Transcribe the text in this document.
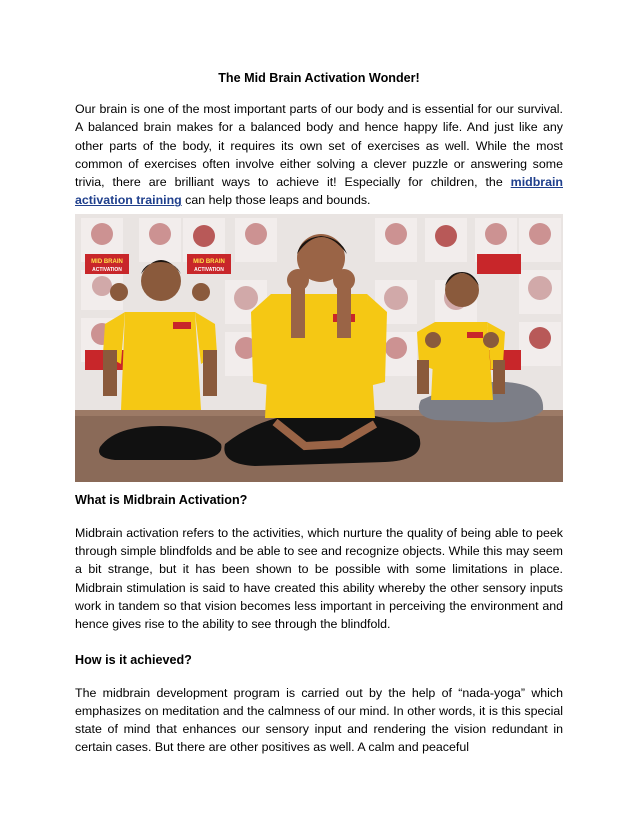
The Mid Brain Activation Wonder!

Our brain is one of the most important parts of our body and is essential for our survival. A balanced brain makes for a balanced body and hence happy life. And just like any other parts of the body, it requires its own set of exercises as well. While the most common of exercises often involve either solving a clever puzzle or answering some trivia, there are brilliant ways to achieve it! Especially for children, the midbrain activation training can help those leaps and bounds.

MID BRAIN
ACTIVATION
MID BRAIN
ACTIVATION
What is Midbrain Activation?

Midbrain activation refers to the activities, which nurture the quality of being able to peek through simple blindfolds and be able to see and recognize objects. While this may seem a bit strange, but it has been shown to be possible with some limitations in place. Midbrain stimulation is said to have created this ability whereby the other sensory inputs work in tandem so that vision becomes less important in perceiving the environment and hence gives rise to the ability to see through the blindfold.

How is it achieved?

The midbrain development program is carried out by the help of “nada-yoga” which emphasizes on meditation and the calmness of our mind. In other words, it is this special state of mind that enhances our sensory input and rendering the vision redundant in certain cases. But there are other positives as well. A calm and peaceful
